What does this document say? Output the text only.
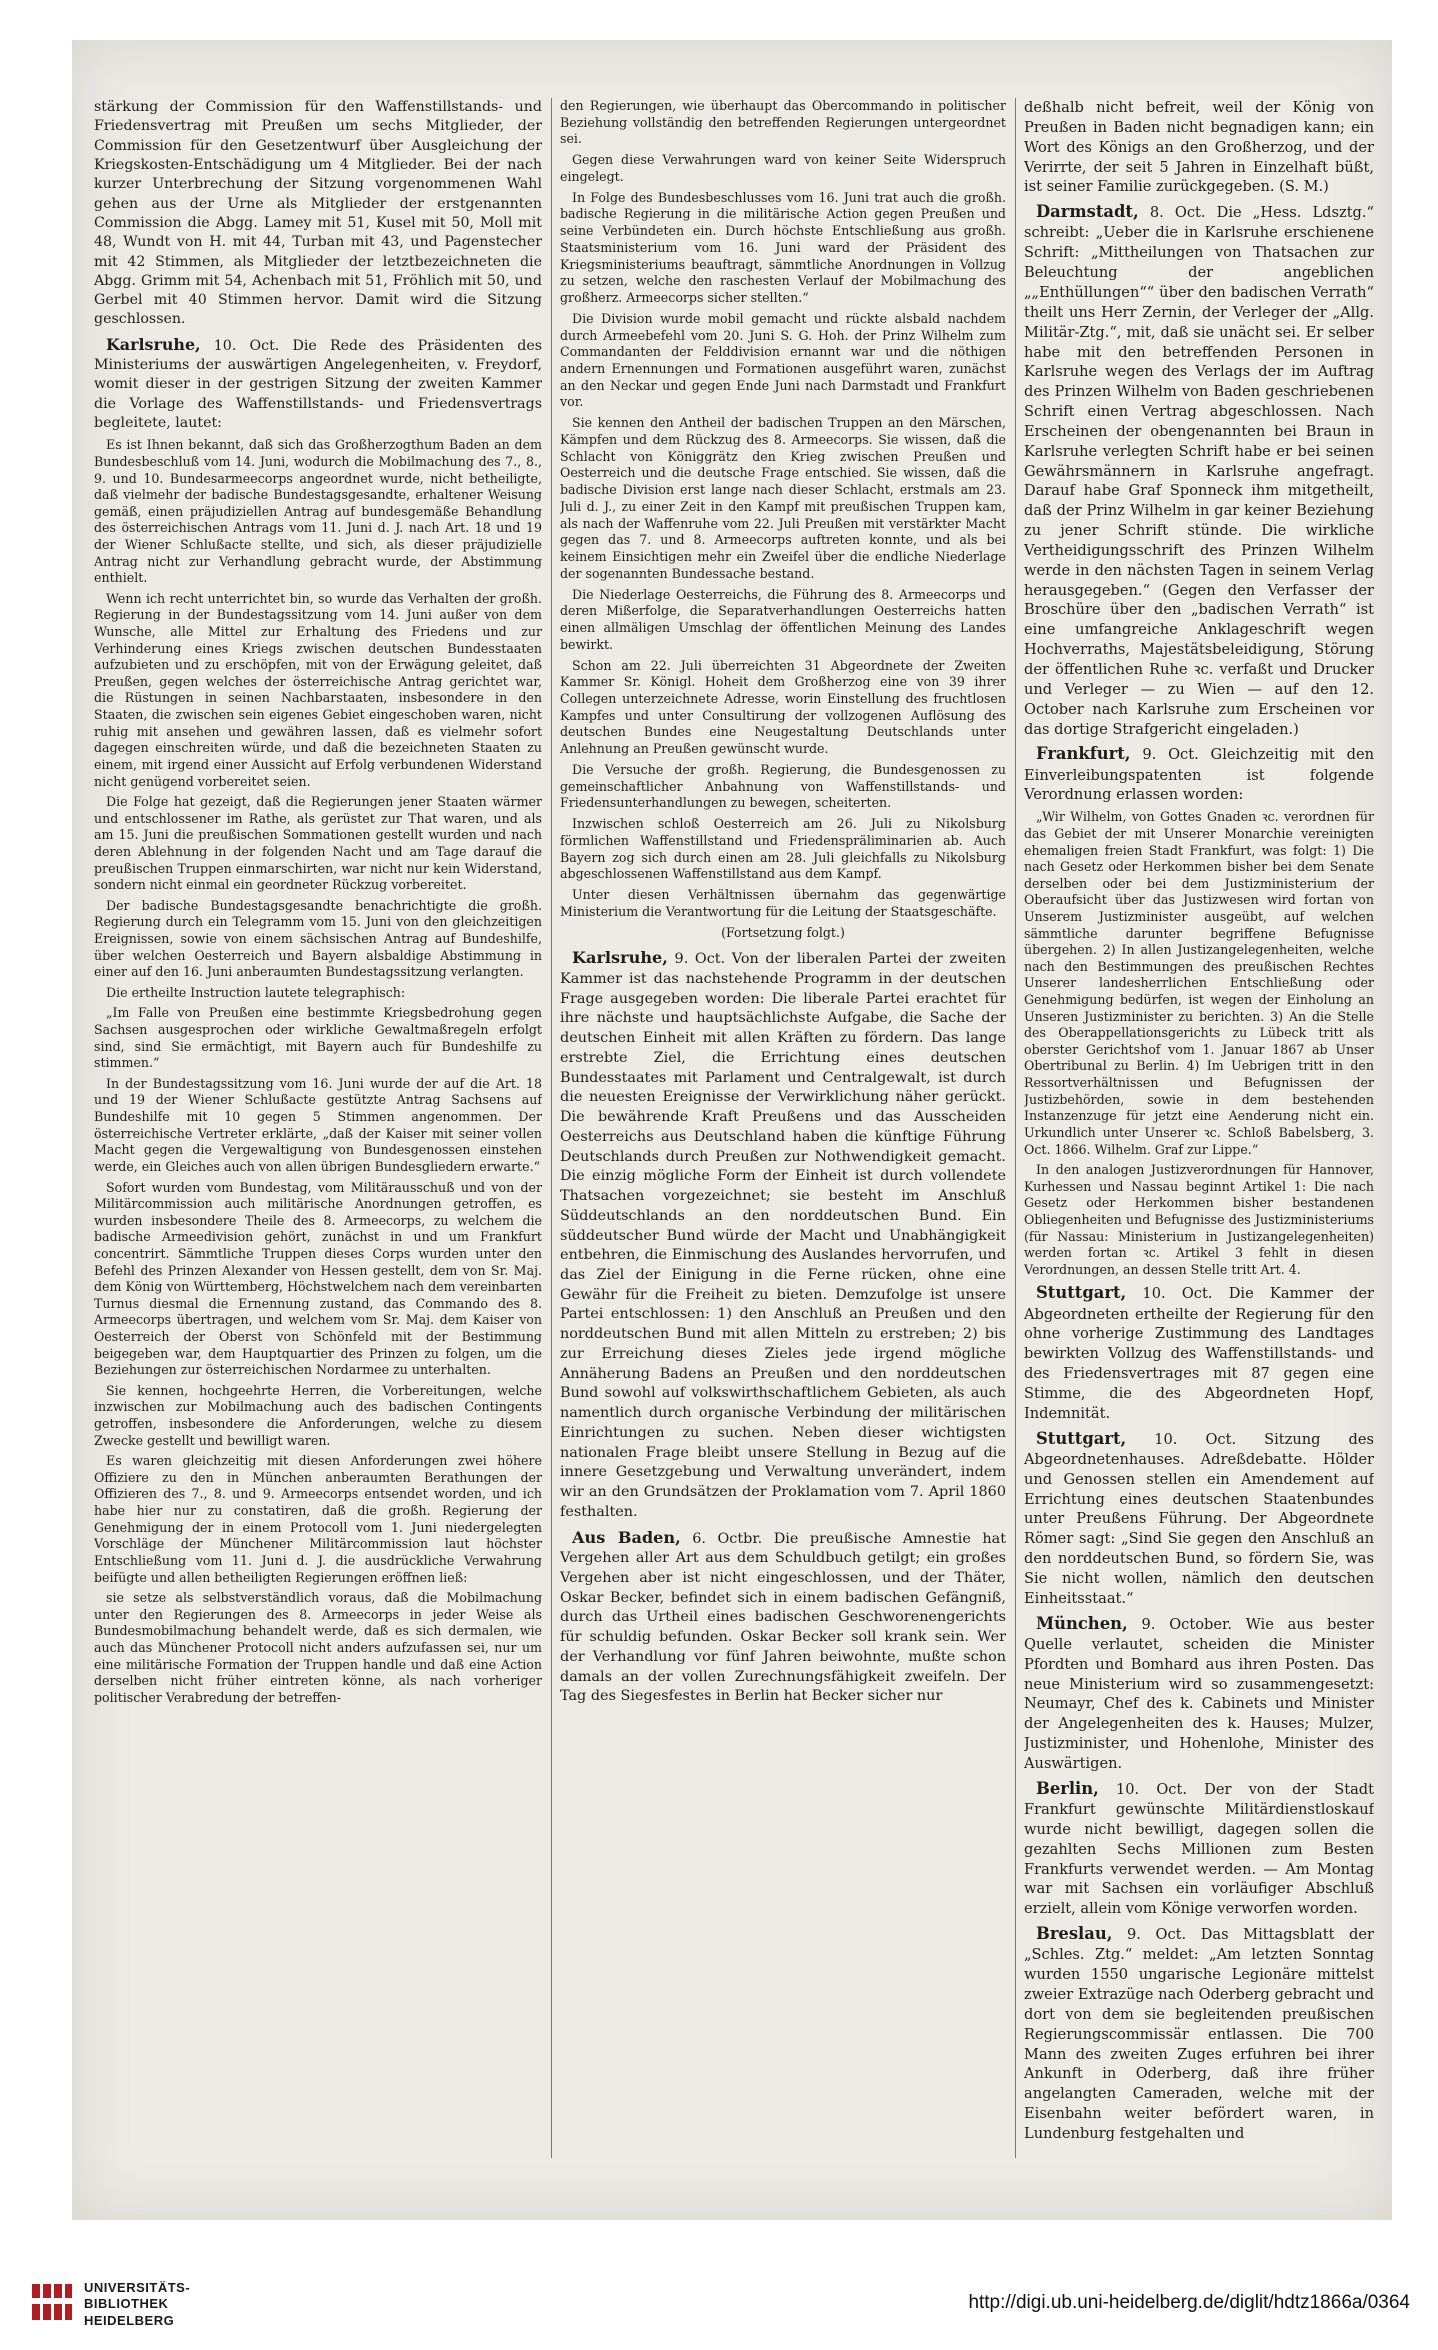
stärkung der Commission für den Waffenstillstands- und Friedensvertrag mit Preußen um sechs Mitglieder, der Commission für den Gesetzentwurf über Ausgleichung der Kriegskosten-Entschädigung um 4 Mitglieder. Bei der nach kurzer Unterbrechung der Sitzung vorgenommenen Wahl gehen aus der Urne als Mitglieder der erstgenannten Commission die Abgg. Lamey mit 51, Kusel mit 50, Moll mit 48, Wundt von H. mit 44, Turban mit 43, und Pagenstecher mit 42 Stimmen, als Mitglieder der letztbezeichneten die Abgg. Grimm mit 54, Achenbach mit 51, Fröhlich mit 50, und Gerbel mit 40 Stimmen hervor. Damit wird die Sitzung geschlossen.

Karlsruhe, 10. Oct. Die Rede des Präsidenten des Ministeriums der auswärtigen Angelegenheiten, v. Freydorf, womit dieser in der gestrigen Sitzung der zweiten Kammer die Vorlage des Waffenstillstands- und Friedensvertrags begleitete, lautet:

Es ist Ihnen bekannt, daß sich das Großherzogthum Baden an dem Bundesbeschluß vom 14. Juni, wodurch die Mobilmachung des 7., 8., 9. und 10. Bundesarmeecorps angeordnet wurde, nicht betheiligte, daß vielmehr der badische Bundestagsgesandte, erhaltener Weisung gemäß, einen präjudiziellen Antrag auf bundesgemäße Behandlung des österreichischen Antrags vom 11. Juni d. J. nach Art. 18 und 19 der Wiener Schlußacte stellte, und sich, als dieser präjudizielle Antrag nicht zur Verhandlung gebracht wurde, der Abstimmung enthielt.

Wenn ich recht unterrichtet bin, so wurde das Verhalten der großh. Regierung in der Bundestagssitzung vom 14. Juni außer von dem Wunsche, alle Mittel zur Erhaltung des Friedens und zur Verhinderung eines Kriegs zwischen deutschen Bundesstaaten aufzubieten und zu erschöpfen, mit von der Erwägung geleitet, daß Preußen, gegen welches der österreichische Antrag gerichtet war, die Rüstungen in seinen Nachbarstaaten, insbesondere in den Staaten, die zwischen sein eigenes Gebiet eingeschoben waren, nicht ruhig mit ansehen und gewähren lassen, daß es vielmehr sofort dagegen einschreiten würde, und daß die bezeichneten Staaten zu einem, mit irgend einer Aussicht auf Erfolg verbundenen Widerstand nicht genügend vorbereitet seien.

Die Folge hat gezeigt, daß die Regierungen jener Staaten wärmer und entschlossener im Rathe, als gerüstet zur That waren, und als am 15. Juni die preußischen Sommationen gestellt wurden und nach deren Ablehnung in der folgenden Nacht und am Tage darauf die preußischen Truppen einmarschirten, war nicht nur kein Widerstand, sondern nicht einmal ein geordneter Rückzug vorbereitet.

Der badische Bundestagsgesandte benachrichtigte die großh. Regierung durch ein Telegramm vom 15. Juni von den gleichzeitigen Ereignissen, sowie von einem sächsischen Antrag auf Bundeshilfe, über welchen Oesterreich und Bayern alsbaldige Abstimmung in einer auf den 16. Juni anberaumten Bundestagssitzung verlangten.

Die ertheilte Instruction lautete telegraphisch:

„Im Falle von Preußen eine bestimmte Kriegsbedrohung gegen Sachsen ausgesprochen oder wirkliche Gewaltmaßregeln erfolgt sind, sind Sie ermächtigt, mit Bayern auch für Bundeshilfe zu stimmen.“

In der Bundestagssitzung vom 16. Juni wurde der auf die Art. 18 und 19 der Wiener Schlußacte gestützte Antrag Sachsens auf Bundeshilfe mit 10 gegen 5 Stimmen angenommen. Der österreichische Vertreter erklärte, „daß der Kaiser mit seiner vollen Macht gegen die Vergewaltigung von Bundesgenossen einstehen werde, ein Gleiches auch von allen übrigen Bundesgliedern erwarte.“

Sofort wurden vom Bundestag, vom Militärausschuß und von der Militärcommission auch militärische Anordnungen getroffen, es wurden insbesondere Theile des 8. Armeecorps, zu welchem die badische Armeedivision gehört, zunächst in und um Frankfurt concentrirt. Sämmtliche Truppen dieses Corps wurden unter den Befehl des Prinzen Alexander von Hessen gestellt, dem von Sr. Maj. dem König von Württemberg, Höchstwelchem nach dem vereinbarten Turnus diesmal die Ernennung zustand, das Commando des 8. Armeecorps übertragen, und welchem vom Sr. Maj. dem Kaiser von Oesterreich der Oberst von Schönfeld mit der Bestimmung beigegeben war, dem Hauptquartier des Prinzen zu folgen, um die Beziehungen zur österreichischen Nordarmee zu unterhalten.

Sie kennen, hochgeehrte Herren, die Vorbereitungen, welche inzwischen zur Mobilmachung auch des badischen Contingents getroffen, insbesondere die Anforderungen, welche zu diesem Zwecke gestellt und bewilligt waren.

Es waren gleichzeitig mit diesen Anforderungen zwei höhere Offiziere zu den in München anberaumten Berathungen der Offizieren des 7., 8. und 9. Armeecorps entsendet worden, und ich habe hier nur zu constatiren, daß die großh. Regierung der Genehmigung der in einem Protocoll vom 1. Juni niedergelegten Vorschläge der Münchener Militärcommission laut höchster Entschließung vom 11. Juni d. J. die ausdrückliche Verwahrung beifügte und allen betheiligten Regierungen eröffnen ließ:

sie setze als selbstverständlich voraus, daß die Mobilmachung unter den Regierungen des 8. Armeecorps in jeder Weise als Bundesmobilmachung behandelt werde, daß es sich dermalen, wie auch das Münchener Protocoll nicht anders aufzufassen sei, nur um eine militärische Formation der Truppen handle und daß eine Action derselben nicht früher eintreten könne, als nach vorheriger politischer Verabredung der betreffen-

den Regierungen, wie überhaupt das Obercommando in politischer Beziehung vollständig den betreffenden Regierungen untergeordnet sei.

Gegen diese Verwahrungen ward von keiner Seite Widerspruch eingelegt.

In Folge des Bundesbeschlusses vom 16. Juni trat auch die großh. badische Regierung in die militärische Action gegen Preußen und seine Verbündeten ein. Durch höchste Entschließung aus großh. Staatsministerium vom 16. Juni ward der Präsident des Kriegsministeriums beauftragt, sämmtliche Anordnungen in Vollzug zu setzen, welche den raschesten Verlauf der Mobilmachung des großherz. Armeecorps sicher stellten.“

Die Division wurde mobil gemacht und rückte alsbald nachdem durch Armeebefehl vom 20. Juni S. G. Hoh. der Prinz Wilhelm zum Commandanten der Felddivision ernannt war und die nöthigen andern Ernennungen und Formationen ausgeführt waren, zunächst an den Neckar und gegen Ende Juni nach Darmstadt und Frankfurt vor.

Sie kennen den Antheil der badischen Truppen an den Märschen, Kämpfen und dem Rückzug des 8. Armeecorps. Sie wissen, daß die Schlacht von Königgrätz den Krieg zwischen Preußen und Oesterreich und die deutsche Frage entschied. Sie wissen, daß die badische Division erst lange nach dieser Schlacht, erstmals am 23. Juli d. J., zu einer Zeit in den Kampf mit preußischen Truppen kam, als nach der Waffenruhe vom 22. Juli Preußen mit verstärkter Macht gegen das 7. und 8. Armeecorps auftreten konnte, und als bei keinem Einsichtigen mehr ein Zweifel über die endliche Niederlage der sogenannten Bundessache bestand.

Die Niederlage Oesterreichs, die Führung des 8. Armeecorps und deren Mißerfolge, die Separatverhandlungen Oesterreichs hatten einen allmäligen Umschlag der öffentlichen Meinung des Landes bewirkt.

Schon am 22. Juli überreichten 31 Abgeordnete der Zweiten Kammer Sr. Königl. Hoheit dem Großherzog eine von 39 ihrer Collegen unterzeichnete Adresse, worin Einstellung des fruchtlosen Kampfes und unter Consultirung der vollzogenen Auflösung des deutschen Bundes eine Neugestaltung Deutschlands unter Anlehnung an Preußen gewünscht wurde.

Die Versuche der großh. Regierung, die Bundesgenossen zu gemeinschaftlicher Anbahnung von Waffenstillstands- und Friedensunterhandlungen zu bewegen, scheiterten.

Inzwischen schloß Oesterreich am 26. Juli zu Nikolsburg förmlichen Waffenstillstand und Friedenspräliminarien ab. Auch Bayern zog sich durch einen am 28. Juli gleichfalls zu Nikolsburg abgeschlossenen Waffenstillstand aus dem Kampf.

Unter diesen Verhältnissen übernahm das gegenwärtige Ministerium die Verantwortung für die Leitung der Staatsgeschäfte.

(Fortsetzung folgt.)

Karlsruhe, 9. Oct. Von der liberalen Partei der zweiten Kammer ist das nachstehende Programm in der deutschen Frage ausgegeben worden: Die liberale Partei erachtet für ihre nächste und hauptsächlichste Aufgabe, die Sache der deutschen Einheit mit allen Kräften zu fördern. Das lange erstrebte Ziel, die Errichtung eines deutschen Bundesstaates mit Parlament und Centralgewalt, ist durch die neuesten Ereignisse der Verwirklichung näher gerückt. Die bewährende Kraft Preußens und das Ausscheiden Oesterreichs aus Deutschland haben die künftige Führung Deutschlands durch Preußen zur Nothwendigkeit gemacht. Die einzig mögliche Form der Einheit ist durch vollendete Thatsachen vorgezeichnet; sie besteht im Anschluß Süddeutschlands an den norddeutschen Bund. Ein süddeutscher Bund würde der Macht und Unabhängigkeit entbehren, die Einmischung des Auslandes hervorrufen, und das Ziel der Einigung in die Ferne rücken, ohne eine Gewähr für die Freiheit zu bieten. Demzufolge ist unsere Partei entschlossen: 1) den Anschluß an Preußen und den norddeutschen Bund mit allen Mitteln zu erstreben; 2) bis zur Erreichung dieses Zieles jede irgend mögliche Annäherung Badens an Preußen und den norddeutschen Bund sowohl auf volkswirthschaftlichem Gebieten, als auch namentlich durch organische Verbindung der militärischen Einrichtungen zu suchen. Neben dieser wichtigsten nationalen Frage bleibt unsere Stellung in Bezug auf die innere Gesetzgebung und Verwaltung unverändert, indem wir an den Grundsätzen der Proklamation vom 7. April 1860 festhalten.

Aus Baden, 6. Octbr. Die preußische Amnestie hat Vergehen aller Art aus dem Schuldbuch getilgt; ein großes Vergehen aber ist nicht eingeschlossen, und der Thäter, Oskar Becker, befindet sich in einem badischen Gefängniß, durch das Urtheil eines badischen Geschworenengerichts für schuldig befunden. Oskar Becker soll krank sein. Wer der Verhandlung vor fünf Jahren beiwohnte, mußte schon damals an der vollen Zurechnungsfähigkeit zweifeln. Der Tag des Siegesfestes in Berlin hat Becker sicher nur

deßhalb nicht befreit, weil der König von Preußen in Baden nicht begnadigen kann; ein Wort des Königs an den Großherzog, und der Verirrte, der seit 5 Jahren in Einzelhaft büßt, ist seiner Familie zurückgegeben. (S. M.)

Darmstadt, 8. Oct. Die „Hess. Ldsztg.“ schreibt: „Ueber die in Karlsruhe erschienene Schrift: „Mittheilungen von Thatsachen zur Beleuchtung der angeblichen „„Enthüllungen““ über den badischen Verrath“ theilt uns Herr Zernin, der Verleger der „Allg. Militär-Ztg.“, mit, daß sie unächt sei. Er selber habe mit den betreffenden Personen in Karlsruhe wegen des Verlags der im Auftrag des Prinzen Wilhelm von Baden geschriebenen Schrift einen Vertrag abgeschlossen. Nach Erscheinen der obengenannten bei Braun in Karlsruhe verlegten Schrift habe er bei seinen Gewährsmännern in Karlsruhe angefragt. Darauf habe Graf Sponneck ihm mitgetheilt, daß der Prinz Wilhelm in gar keiner Beziehung zu jener Schrift stünde. Die wirkliche Vertheidigungsschrift des Prinzen Wilhelm werde in den nächsten Tagen in seinem Verlag herausgegeben.“ (Gegen den Verfasser der Broschüre über den „badischen Verrath“ ist eine umfangreiche Anklageschrift wegen Hochverraths, Majestätsbeleidigung, Störung der öffentlichen Ruhe ꝛc. verfaßt und Drucker und Verleger — zu Wien — auf den 12. October nach Karlsruhe zum Erscheinen vor das dortige Strafgericht eingeladen.)

Frankfurt, 9. Oct. Gleichzeitig mit den Einverleibungspatenten ist folgende Verordnung erlassen worden:

„Wir Wilhelm, von Gottes Gnaden ꝛc. verordnen für das Gebiet der mit Unserer Monarchie vereinigten ehemaligen freien Stadt Frankfurt, was folgt: 1) Die nach Gesetz oder Herkommen bisher bei dem Senate derselben oder bei dem Justizministerium der Oberaufsicht über das Justizwesen wird fortan von Unserem Justizminister ausgeübt, auf welchen sämmtliche darunter begriffene Befugnisse übergehen. 2) In allen Justizangelegenheiten, welche nach den Bestimmungen des preußischen Rechtes Unserer landesherrlichen Entschließung oder Genehmigung bedürfen, ist wegen der Einholung an Unseren Justizminister zu berichten. 3) An die Stelle des Oberappellationsgerichts zu Lübeck tritt als oberster Gerichtshof vom 1. Januar 1867 ab Unser Obertribunal zu Berlin. 4) Im Uebrigen tritt in den Ressortverhältnissen und Befugnissen der Justizbehörden, sowie in dem bestehenden Instanzenzuge für jetzt eine Aenderung nicht ein. Urkundlich unter Unserer ꝛc. Schloß Babelsberg, 3. Oct. 1866. Wilhelm. Graf zur Lippe.“

In den analogen Justizverordnungen für Hannover, Kurhessen und Nassau beginnt Artikel 1: Die nach Gesetz oder Herkommen bisher bestandenen Obliegenheiten und Befugnisse des Justizministeriums (für Nassau: Ministerium in Justizangelegenheiten) werden fortan ꝛc. Artikel 3 fehlt in diesen Verordnungen, an dessen Stelle tritt Art. 4.

Stuttgart, 10. Oct. Die Kammer der Abgeordneten ertheilte der Regierung für den ohne vorherige Zustimmung des Landtages bewirkten Vollzug des Waffenstillstands- und des Friedensvertrages mit 87 gegen eine Stimme, die des Abgeordneten Hopf, Indemnität.

Stuttgart, 10. Oct. Sitzung des Abgeordnetenhauses. Adreßdebatte. Hölder und Genossen stellen ein Amendement auf Errichtung eines deutschen Staatenbundes unter Preußens Führung. Der Abgeordnete Römer sagt: „Sind Sie gegen den Anschluß an den norddeutschen Bund, so fördern Sie, was Sie nicht wollen, nämlich den deutschen Einheitsstaat.“

München, 9. October. Wie aus bester Quelle verlautet, scheiden die Minister Pfordten und Bomhard aus ihren Posten. Das neue Ministerium wird so zusammengesetzt: Neumayr, Chef des k. Cabinets und Minister der Angelegenheiten des k. Hauses; Mulzer, Justizminister, und Hohenlohe, Minister des Auswärtigen.

Berlin, 10. Oct. Der von der Stadt Frankfurt gewünschte Militärdienstloskauf wurde nicht bewilligt, dagegen sollen die gezahlten Sechs Millionen zum Besten Frankfurts verwendet werden. — Am Montag war mit Sachsen ein vorläufiger Abschluß erzielt, allein vom Könige verworfen worden.

Breslau, 9. Oct. Das Mittagsblatt der „Schles. Ztg.“ meldet: „Am letzten Sonntag wurden 1550 ungarische Legionäre mittelst zweier Extrazüge nach Oderberg gebracht und dort von dem sie begleitenden preußischen Regierungscommissär entlassen. Die 700 Mann des zweiten Zuges erfuhren bei ihrer Ankunft in Oderberg, daß ihre früher angelangten Cameraden, welche mit der Eisenbahn weiter befördert waren, in Lundenburg festgehalten und

UNIVERSITÄTS-
BIBLIOTHEK
HEIDELBERG
http://digi.ub.uni-heidelberg.de/diglit/hdtz1866a/0364
